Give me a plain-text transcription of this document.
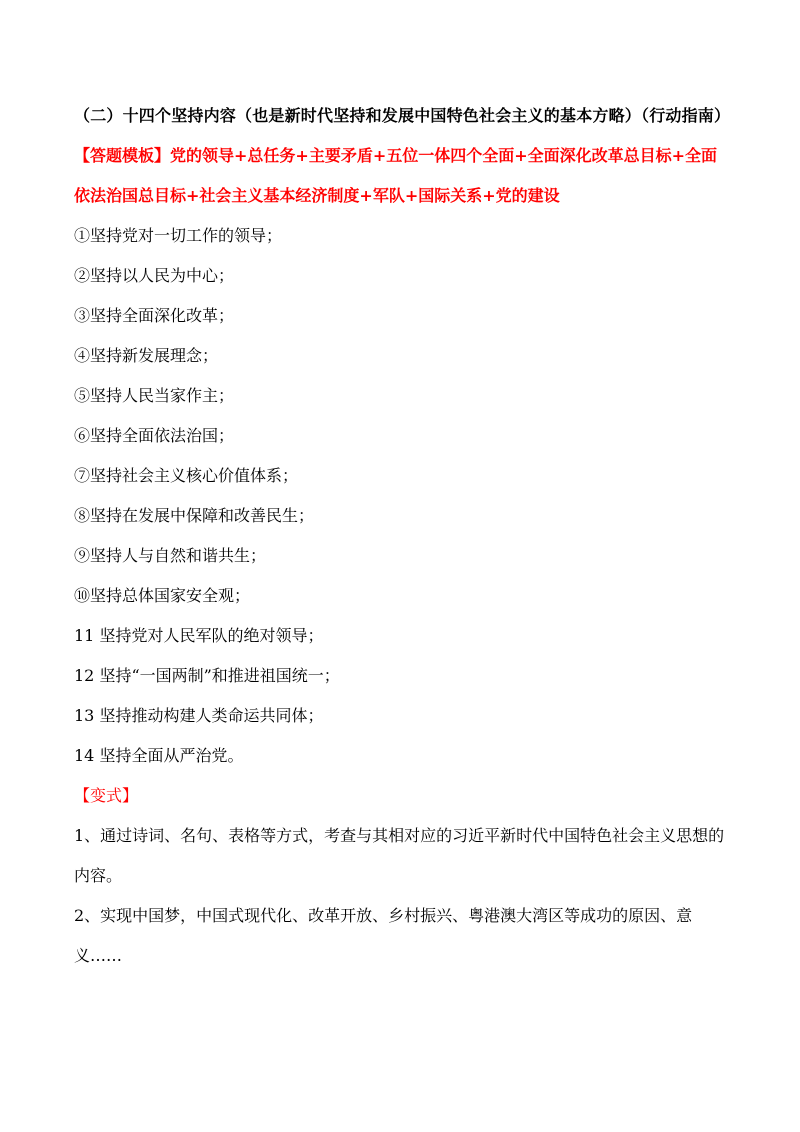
（二）十四个坚持内容（也是新时代坚持和发展中国特色社会主义的基本方略）（行动指南）
【答题模板】党的领导+总任务+主要矛盾+五位一体四个全面+全面深化改革总目标+全面依法治国总目标+社会主义基本经济制度+军队+国际关系+党的建设
①坚持党对一切工作的领导；
②坚持以人民为中心；
③坚持全面深化改革；
④坚持新发展理念；
⑤坚持人民当家作主；
⑥坚持全面依法治国；
⑦坚持社会主义核心价值体系；
⑧坚持在发展中保障和改善民生；
⑨坚持人与自然和谐共生；
⑩坚持总体国家安全观；
11 坚持党对人民军队的绝对领导；
12 坚持“一国两制”和推进祖国统一；
13 坚持推动构建人类命运共同体；
14 坚持全面从严治党。
【变式】
1、通过诗词、名句、表格等方式，考查与其相对应的习近平新时代中国特色社会主义思想的内容。
2、实现中国梦，中国式现代化、改革开放、乡村振兴、粤港澳大湾区等成功的原因、意义……
